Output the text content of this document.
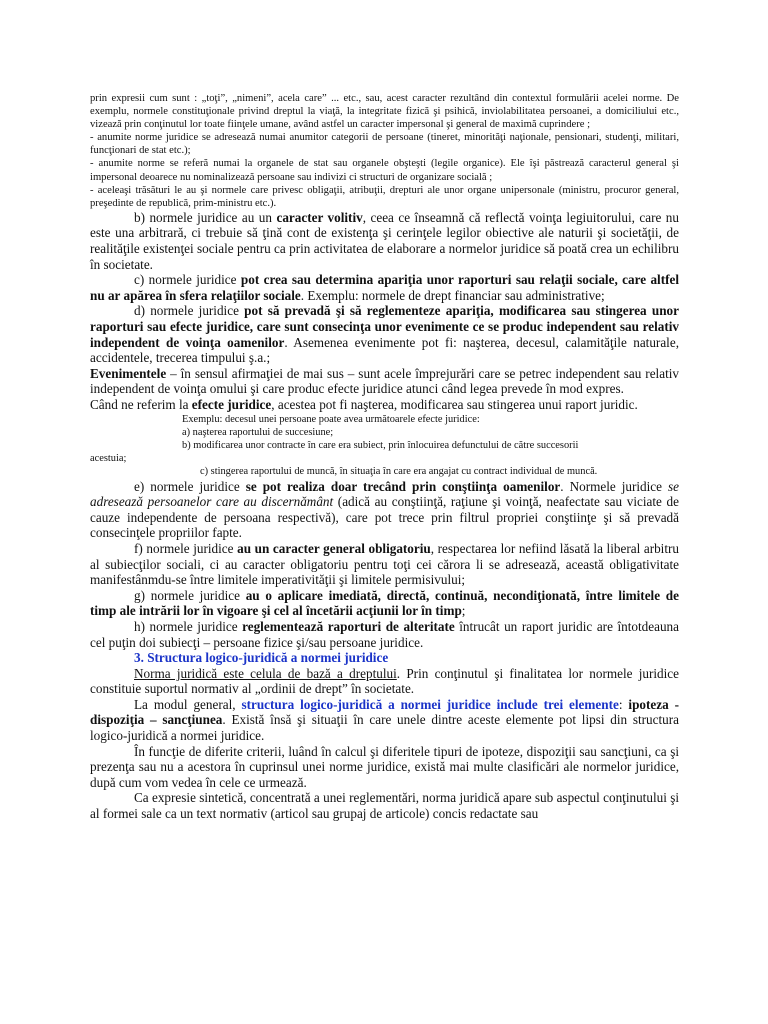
prin expresii cum sunt : „toţi”, „nimeni”, acela care” ... etc., sau, acest caracter rezultând din contextul formulării acelei norme. De exemplu, normele constituţionale privind dreptul la viaţă, la integritate fizică şi psihică, inviolabilitatea persoanei, a domiciliului etc., vizează prin conţinutul lor toate fiinţele umane, având astfel un caracter impersonal şi general de maximă cuprindere ;

- anumite norme juridice se adresează numai anumitor categorii de persoane (tineret, minorităţi naţionale, pensionari, studenţi, militari, funcţionari de stat etc.);

- anumite norme se referă numai la organele de stat sau organele obşteşti (legile organice). Ele îşi păstrează caracterul general şi impersonal deoarece nu nominalizează persoane sau indivizi ci structuri de organizare socială ;

- aceleaşi trăsături le au şi normele care privesc obligaţii, atribuţii, drepturi ale unor organe unipersonale (ministru, procuror general, preşedinte de republică, prim-ministru etc.).

b) normele juridice au un caracter volitiv, ceea ce înseamnă că reflectă voinţa legiuitorului, care nu este una arbitrară, ci trebuie să ţină cont de existenţa şi cerinţele legilor obiective ale naturii şi societăţii, de realităţile existenţei sociale pentru ca prin activitatea de elaborare a normelor juridice să poată crea un echilibru în societate.

c) normele juridice pot crea sau determina apariţia unor raporturi sau relaţii sociale, care altfel nu ar apărea în sfera relaţiilor sociale. Exemplu: normele de drept financiar sau administrative;

d) normele juridice pot să prevadă şi să reglementeze apariţia, modificarea sau stingerea unor raporturi sau efecte juridice, care sunt consecinţa unor evenimente ce se produc independent sau relativ independent de voinţa oamenilor. Asemenea evenimente pot fi: naşterea, decesul, calamităţile naturale, accidentele, trecerea timpului ş.a.;

Evenimentele – în sensul afirmaţiei de mai sus – sunt acele împrejurări care se petrec independent sau relativ independent de voinţa omului şi care produc efecte juridice atunci când legea prevede în mod expres.

Când ne referim la efecte juridice, acestea pot fi naşterea, modificarea sau stingerea unui raport juridic.

Exemplu: decesul unei persoane poate avea următoarele efecte juridice:

a) naşterea raportului de succesiune;

b) modificarea unor contracte în care era subiect, prin înlocuirea defunctului de către succesorii

acestuia;

c) stingerea raportului de muncă, în situaţia în care era angajat cu contract individual de muncă.

e) normele juridice se pot realiza doar trecând prin conştiinţa oamenilor. Normele juridice se adresează persoanelor care au discernământ (adică au conştiinţă, raţiune şi voinţă, neafectate sau viciate de cauze independente de persoana respectivă), care pot trece prin filtrul propriei conştiinţe şi să prevadă consecinţele propriilor fapte.

f) normele juridice au un caracter general obligatoriu, respectarea lor nefiind lăsată la liberal arbitru al subiecţilor sociali, ci au caracter obligatoriu pentru toţi cei cărora li se adresează, această obligativitate manifestânmdu-se între limitele imperativităţii şi limitele permisivului;

g) normele juridice au o aplicare imediată, directă, continuă, necondiţionată, între limitele de timp ale intrării lor în vigoare şi cel al încetării acţiunii lor în timp;

h) normele juridice reglementează raporturi de alteritate întrucât un raport juridic are întotdeauna cel puţin doi subiecţi – persoane fizice şi/sau persoane juridice.

3. Structura logico-juridică a normei juridice

Norma juridică este celula de bază a dreptului. Prin conţinutul şi finalitatea lor normele juridice constituie suportul normativ al „ordinii de drept” în societate.

La modul general, structura logico-juridică a normei juridice include trei elemente: ipoteza - dispoziţia – sancţiunea. Există însă şi situaţii în care unele dintre aceste elemente pot lipsi din structura logico-juridică a normei juridice.

În funcţie de diferite criterii, luând în calcul şi diferitele tipuri de ipoteze, dispoziţii sau sancţiuni, ca şi prezenţa sau nu a acestora în cuprinsul unei norme juridice, există mai multe clasificări ale normelor juridice, după cum vom vedea în cele ce urmează.

Ca expresie sintetică, concentrată a unei reglementări, norma juridică apare sub aspectul conţinutului şi al formei sale ca un text normativ (articol sau grupaj de articole) concis redactate sau
